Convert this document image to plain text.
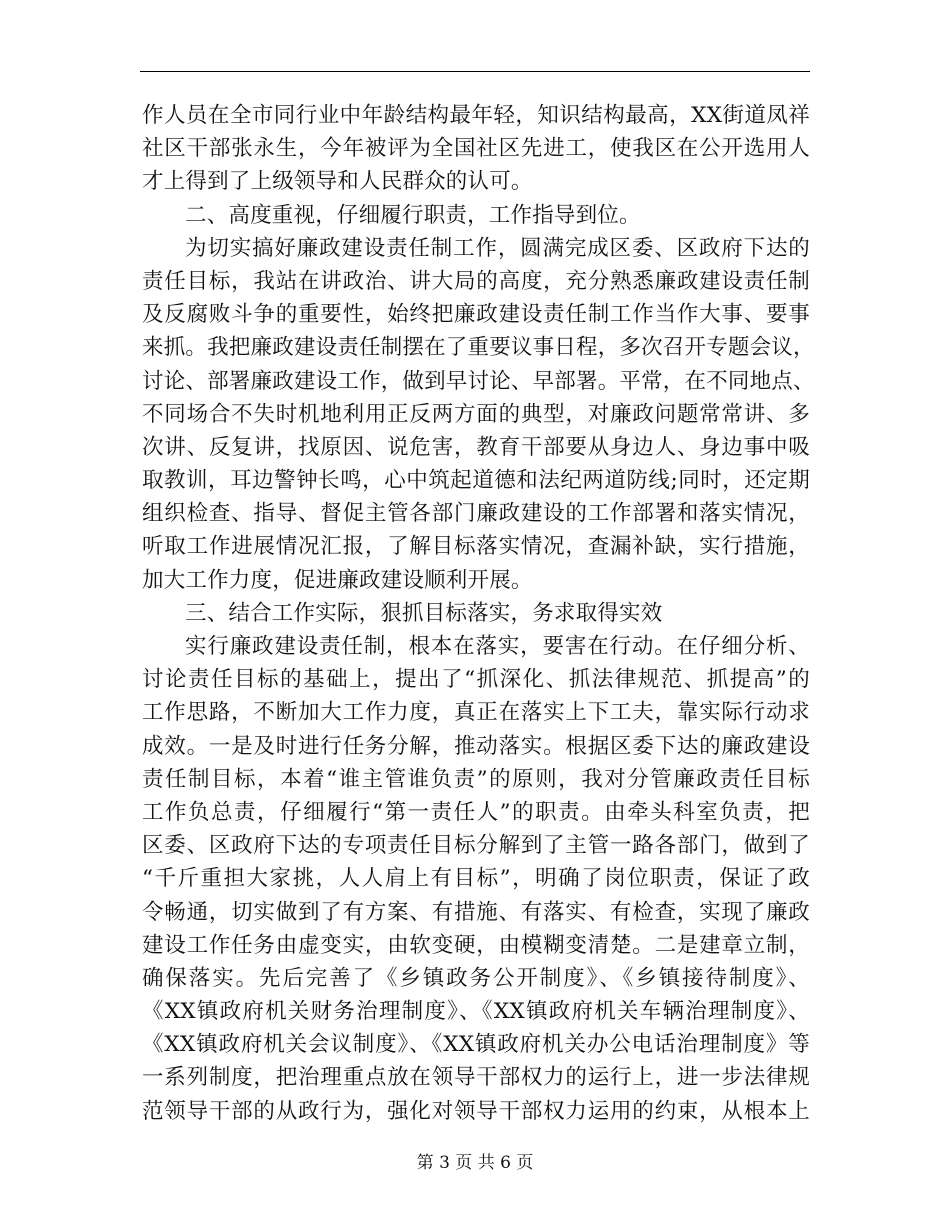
作人员在全市同行业中年龄结构最年轻，知识结构最高，XX街道凤祥
社区干部张永生，今年被评为全国社区先进工，使我区在公开选用人
才上得到了上级领导和人民群众的认可。
二、高度重视，仔细履行职责，工作指导到位。
为切实搞好廉政建设责任制工作，圆满完成区委、区政府下达的
责任目标，我站在讲政治、讲大局的高度，充分熟悉廉政建设责任制
及反腐败斗争的重要性，始终把廉政建设责任制工作当作大事、要事
来抓。我把廉政建设责任制摆在了重要议事日程，多次召开专题会议，
讨论、部署廉政建设工作，做到早讨论、早部署。平常，在不同地点、
不同场合不失时机地利用正反两方面的典型，对廉政问题常常讲、多
次讲、反复讲，找原因、说危害，教育干部要从身边人、身边事中吸
取教训，耳边警钟长鸣，心中筑起道德和法纪两道防线;同时，还定期
组织检查、指导、督促主管各部门廉政建设的工作部署和落实情况，
听取工作进展情况汇报，了解目标落实情况，查漏补缺，实行措施，
加大工作力度，促进廉政建设顺利开展。
三、结合工作实际，狠抓目标落实，务求取得实效
实行廉政建设责任制，根本在落实，要害在行动。在仔细分析、
讨论责任目标的基础上，提出了“抓深化、抓法律规范、抓提高”的
工作思路，不断加大工作力度，真正在落实上下工夫，靠实际行动求
成效。一是及时进行任务分解，推动落实。根据区委下达的廉政建设
责任制目标，本着“谁主管谁负责”的原则，我对分管廉政责任目标
工作负总责，仔细履行“第一责任人”的职责。由牵头科室负责，把
区委、区政府下达的专项责任目标分解到了主管一路各部门，做到了
“千斤重担大家挑，人人肩上有目标”，明确了岗位职责，保证了政
令畅通，切实做到了有方案、有措施、有落实、有检查，实现了廉政
建设工作任务由虚变实，由软变硬，由模糊变清楚。二是建章立制，
确保落实。先后完善了《乡镇政务公开制度》、《乡镇接待制度》、
《XX镇政府机关财务治理制度》、《XX镇政府机关车辆治理制度》、
《XX镇政府机关会议制度》、《XX镇政府机关办公电话治理制度》等
一系列制度，把治理重点放在领导干部权力的运行上，进一步法律规
范领导干部的从政行为，强化对领导干部权力运用的约束，从根本上
第 3 页 共 6 页
